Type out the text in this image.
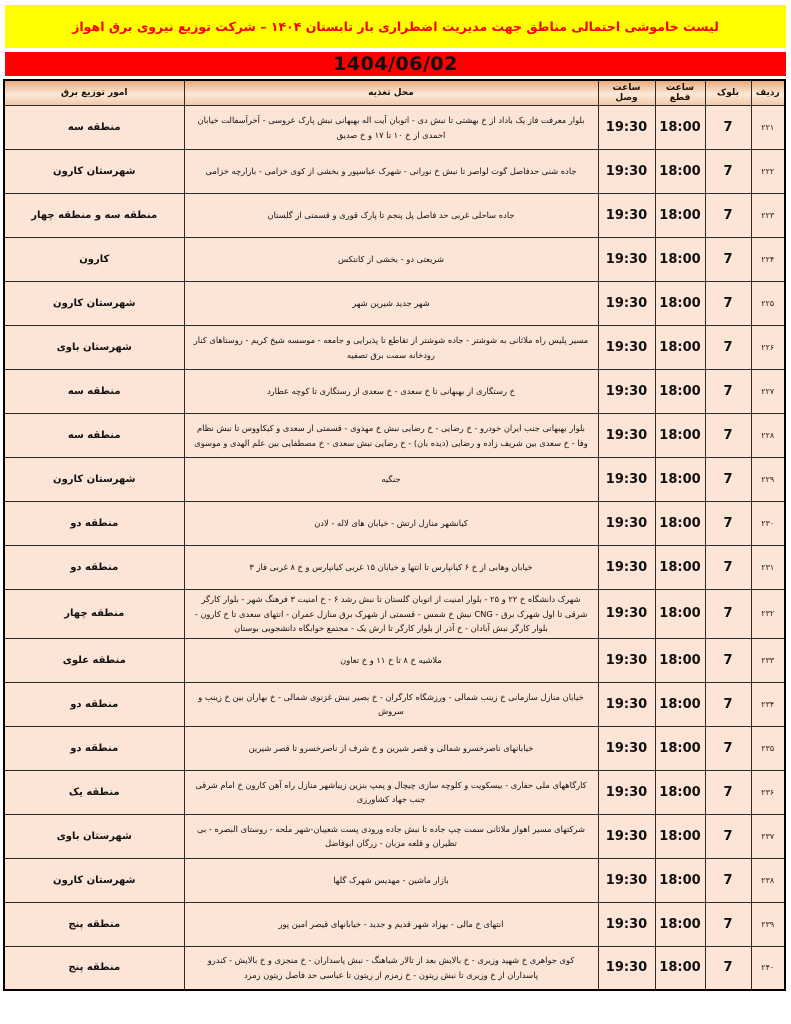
لیست خاموشی احتمالی مناطق جهت مدیریت اضطراری بار تابستان ۱۴۰۴ – شرکت توزیع نیروی برق اهواز
1404/06/02
ردیف	بلوک	ساعت قطع	ساعت وصل	محل تغذیه	امور توزیع برق
۲۲۱	7	18:00	19:30	بلوار معرفت فاز یک باداد از خ بهشتی تا نبش دی - اتوبان آیت اله بهبهانی نبش پارک عروسی - آخرآسفالت خیابان احمدی از خ ۱۰ تا ۱۷ و خ صدیق	منطقه سه
۲۲۲	7	18:00	19:30	جاده شنی حدفاصل گوت لواصر تا نبش خ نورانی - شهرک عباسپور و بخشی از کوی خزامی - بازارچه خزامی	شهرستان کارون
۲۲۳	7	18:00	19:30	جاده ساحلی غربی حد فاصل پل پنجم تا پارک قوری و قسمتی از گلستان	منطقه سه و منطقه چهار
۲۲۴	7	18:00	19:30	شریعتی دو - بخشی از کانتکس	کارون
۲۲۵	7	18:00	19:30	شهر جدید شیرین شهر	شهرستان کارون
۲۲۶	7	18:00	19:30	مسیر پلیس راه ملاثانی به شوشتر - جاده شوشتر از تقاطع تا پذیرایی و جامعه - موسسه شیخ کریم - روستاهای کنار رودخانه سمت برق تصفیه	شهرستان باوی
۲۲۷	7	18:00	19:30	خ رستگاری از بهبهانی تا خ سعدی - خ سعدی از رستگاری تا کوچه عطارد	منطقه سه
۲۲۸	7	18:00	19:30	بلوار بهبهانی جنب ایران خودرو - خ رضایی - خ رضایی نبش خ مهدوی - قسمتی از سعدی و کیکاووس تا نبش نظام وفا - خ سعدی بین شریف زاده و رضایی (دیده بان) - خ رضایی نبش سعدی - خ مصطفایی بین علم الهدی و موسوی	منطقه سه
۲۲۹	7	18:00	19:30	جنگیه	شهرستان کارون
۲۳۰	7	18:00	19:30	کیانشهر منازل ارتش - خیابان های لاله - لادن	منطقه دو
۲۳۱	7	18:00	19:30	خیابان وهابی از خ ۶ کیانپارس تا انتها و خیابان ۱۵ غربی کیانپارس و خ ۸ غربی فاز ۳	منطقه دو
۲۳۲	7	18:00	19:30	شهرک دانشگاه خ ۲۲ و ۲۵ - بلوار امنیت از اتوبان گلستان تا نبش رشد ۶ - خ امنیت ۳ فرهنگ شهر - بلوار کارگر شرقی تا اول شهرک برق - CNG نبش خ شمس - قسمتی از شهرک برق منازل عمران - انتهای سعدی تا خ کارون - بلوار کارگر نبش آبادان - خ آذر از بلوار کارگر تا ارش یک - مجتمع خوابگاه دانشجویی بوستان	منطقه چهار
۲۳۳	7	18:00	19:30	ملاشیه خ ۸ تا خ ۱۱ و خ تعاون	منطقه علوی
۲۳۴	7	18:00	19:30	خیابان منازل سازمانی خ زینب شمالی - ورزشگاه کارگران - خ بصیر نبش غزنوی شمالی - خ بهاران بین خ زینب و سروش	منطقه دو
۲۳۵	7	18:00	19:30	خیابانهای ناصرخسرو شمالی و قصر شیرین و خ شرف از ناصرخسرو تا قصر شیرین	منطقه دو
۲۳۶	7	18:00	19:30	کارگاههای ملی حفاری - بیسکویت و کلوچه سازی چیچال و پمپ بنزین زیباشهر منازل راه آهن کارون خ امام شرقی جنب جهاد کشاورزی	منطقه یک
۲۳۷	7	18:00	19:30	شرکتهای مسیر اهواز ملاثانی سمت چپ جاده تا نبش جاده ورودی پست شعیبان-شهر ملحه - روستای البصره - بی تظیران و قلعه مزبان - زرگان ابوفاضل	شهرستان باوی
۲۳۸	7	18:00	19:30	بازار ماشین - مهدیس شهرک گلها	شهرستان کارون
۲۳۹	7	18:00	19:30	انتهای خ مالی - بهزاد شهر قدیم و جدید - خیابانهای قیصر امین پور	منطقه پنج
۲۴۰	7	18:00	19:30	کوی جواهری خ شهید وزیری - خ بالایش بعد از تالار شباهنگ - نبش پاسداران - خ منجزی و خ بالایش - کندرو پاسداران از خ وزیری تا نبش زیتون - خ زمزم از زیتون تا عباسی حد فاصل زیتون زمرد	منطقه پنج
